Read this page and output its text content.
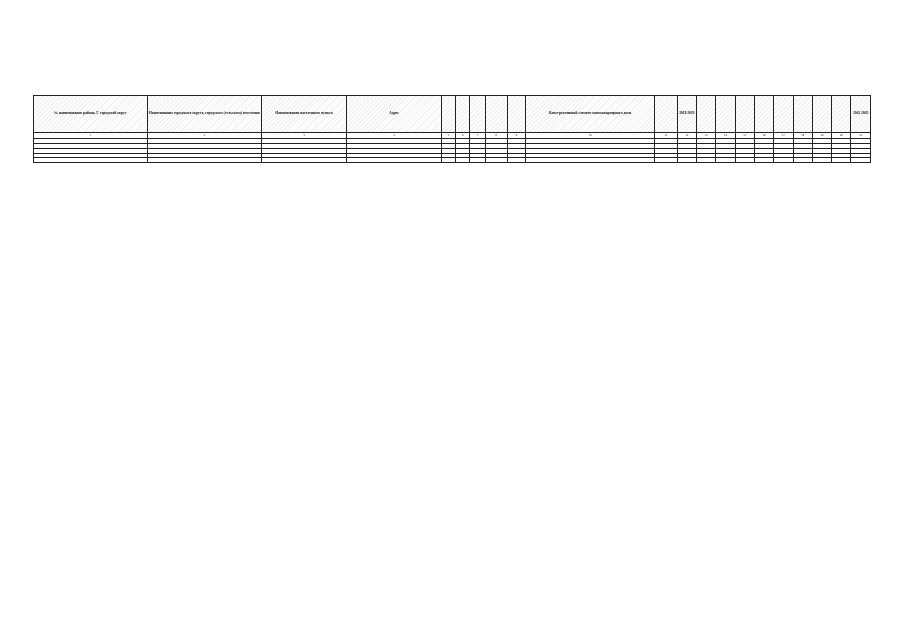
№ наименование района, Г. городской округ	Наименование городского округа, городского (сельского) поселения	Наименование населенного пункта	Адрес						Конструктивный элемент многоквартирного дома		2018 2019									2041 2043
1	2	3	4	5	6	7	8	9	10	11	12	13	14	15	16	17	18	19	20	21
